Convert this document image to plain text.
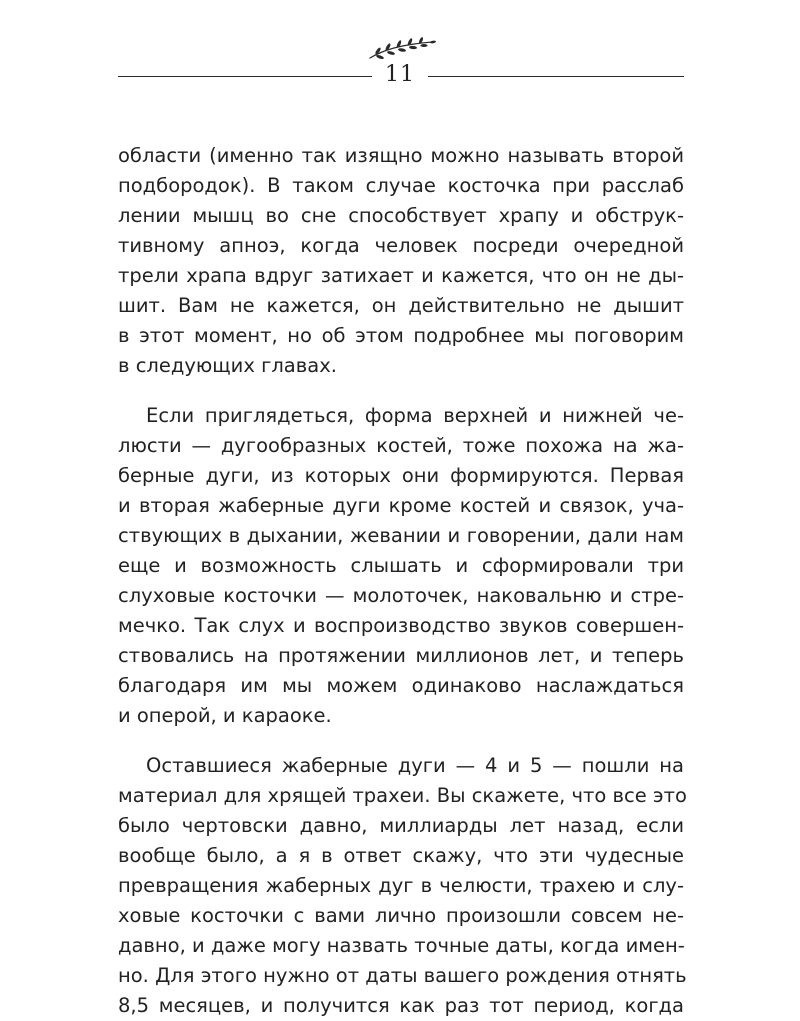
11
области (именно так изящно можно называть второй
подбородок). В таком случае косточка при расслаб
лении мышц во сне способствует храпу и обструк-
тивному апноэ, когда человек посреди очередной
трели храпа вдруг затихает и кажется, что он не ды-
шит. Вам не кажется, он действительно не дышит
в этот момент, но об этом подробнее мы поговорим
в следующих главах.
Если приглядеться, форма верхней и нижней че-
люсти — дугообразных костей, тоже похожа на жа-
берные дуги, из которых они формируются. Первая
и вторая жаберные дуги кроме костей и связок, уча-
ствующих в дыхании, жевании и говорении, дали нам
еще и возможность слышать и сформировали три
слуховые косточки — молоточек, наковальню и стре-
мечко. Так слух и воспроизводство звуков совершен-
ствовались на протяжении миллионов лет, и теперь
благодаря им мы можем одинаково наслаждаться
и оперой, и караоке.
Оставшиеся жаберные дуги — 4 и 5 — пошли на
материал для хрящей трахеи. Вы скажете, что все это
было чертовски давно, миллиарды лет назад, если
вообще было, а я в ответ скажу, что эти чудесные
превращения жаберных дуг в челюсти, трахею и слу-
ховые косточки с вами лично произошли совсем не-
давно, и даже могу назвать точные даты, когда имен-
но. Для этого нужно от даты вашего рождения отнять
8,5 месяцев, и получится как раз тот период, когда
